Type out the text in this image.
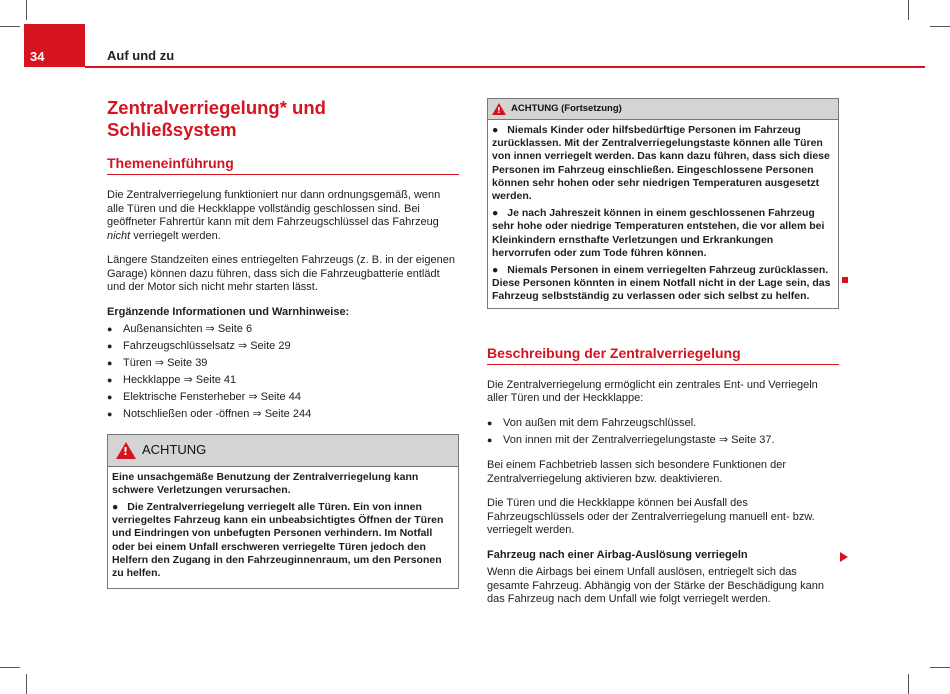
34	Auf und zu
Zentralverriegelung* und Schließsystem
Themeneinführung

Die Zentralverriegelung funktioniert nur dann ordnungsgemäß, wenn alle Türen und die Heckklappe vollständig geschlossen sind. Bei geöffneter Fahrertür kann mit dem Fahrzeugschlüssel das Fahrzeug nicht verriegelt werden.

Längere Standzeiten eines entriegelten Fahrzeugs (z. B. in der eigenen Garage) können dazu führen, dass sich die Fahrzeugbatterie entlädt und der Motor sich nicht mehr starten lässt.

Ergänzende Informationen und Warnhinweise:
● Außenansichten ⇒ Seite 6
● Fahrzeugschlüsselsatz ⇒ Seite 29
● Türen ⇒ Seite 39
● Heckklappe ⇒ Seite 41
● Elektrische Fensterheber ⇒ Seite 44
● Notschließen oder -öffnen ⇒ Seite 244
!
ACHTUNG

Eine unsachgemäße Benutzung der Zentralverriegelung kann schwere Verletzungen verursachen.

● Die Zentralverriegelung verriegelt alle Türen. Ein von innen verriegeltes Fahrzeug kann ein unbeabsichtigtes Öffnen der Türen und Eindringen von unbefugten Personen verhindern. Im Notfall oder bei einem Unfall erschweren verriegelte Türen jedoch den Helfern den Zugang in den Fahrzeuginnenraum, um den Personen zu helfen.

!
ACHTUNG (Fortsetzung)

● Niemals Kinder oder hilfsbedürftige Personen im Fahrzeug zurücklassen. Mit der Zentralverriegelungstaste können alle Türen von innen verriegelt werden. Das kann dazu führen, dass sich diese Personen im Fahrzeug einschließen. Eingeschlossene Personen können sehr hohen oder sehr niedrigen Temperaturen ausgesetzt werden.

● Je nach Jahreszeit können in einem geschlossenen Fahrzeug sehr hohe oder niedrige Temperaturen entstehen, die vor allem bei Kleinkindern ernsthafte Verletzungen und Erkrankungen hervorrufen oder zum Tode führen können.

● Niemals Personen in einem verriegelten Fahrzeug zurücklassen. Diese Personen könnten in einem Notfall nicht in der Lage sein, das Fahrzeug selbstständig zu verlassen oder sich selbst zu helfen.

Beschreibung der Zentralverriegelung

Die Zentralverriegelung ermöglicht ein zentrales Ent- und Verriegeln aller Türen und der Heckklappe:

● Von außen mit dem Fahrzeugschlüssel.
● Von innen mit der Zentralverriegelungstaste ⇒ Seite 37.

Bei einem Fachbetrieb lassen sich besondere Funktionen der Zentralverriegelung aktivieren bzw. deaktivieren.

Die Türen und die Heckklappe können bei Ausfall des Fahrzeugschlüssels oder der Zentralverriegelung manuell ent- bzw. verriegelt werden.

Fahrzeug nach einer Airbag-Auslösung verriegeln

Wenn die Airbags bei einem Unfall auslösen, entriegelt sich das gesamte Fahrzeug. Abhängig von der Stärke der Beschädigung kann das Fahrzeug nach dem Unfall wie folgt verriegelt werden.
